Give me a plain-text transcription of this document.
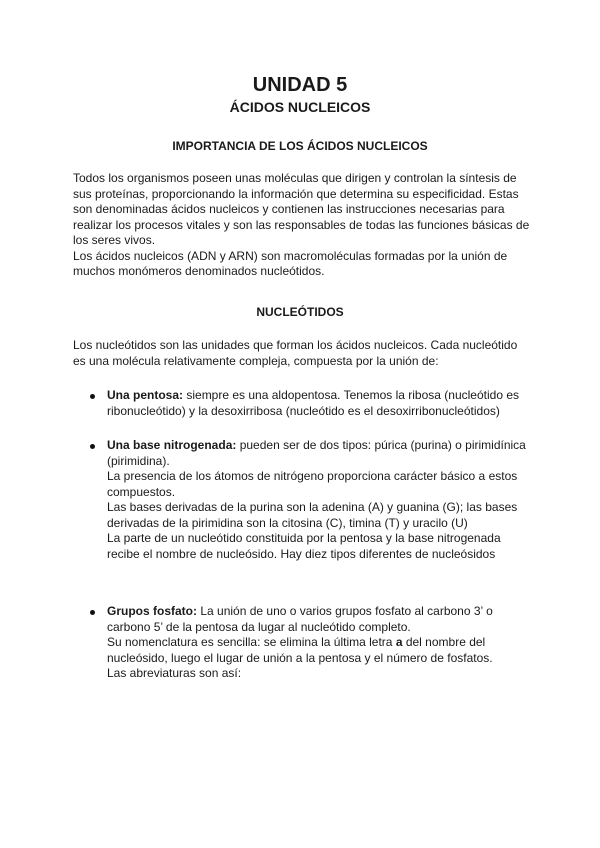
UNIDAD 5
ÁCIDOS NUCLEICOS
IMPORTANCIA DE LOS ÁCIDOS NUCLEICOS

Todos los organismos poseen unas moléculas que dirigen y controlan la síntesis de sus proteínas, proporcionando la información que determina su especificidad. Estas son denominadas ácidos nucleicos y contienen las instrucciones necesarias para realizar los procesos vitales y son las responsables de todas las funciones básicas de los seres vivos.

Los ácidos nucleicos (ADN y ARN) son macromoléculas formadas por la unión de muchos monómeros denominados nucleótidos.

NUCLEÓTIDOS
Los nucleótidos son las unidades que forman los ácidos nucleicos. Cada nucleótido es una molécula relativamente compleja, compuesta por la unión de:

Una pentosa: siempre es una aldopentosa. Tenemos la ribosa (nucleótido es ribonucleótido) y la desoxirribosa (nucleótido es el desoxirribonucleótidos)

Una base nitrogenada: pueden ser de dos tipos: púrica (purina) o pirimidínica (pirimidina).

La presencia de los átomos de nitrógeno proporciona carácter básico a estos compuestos.

Las bases derivadas de la purina son la adenina (A) y guanina (G); las bases derivadas de la pirimidina son la citosina (C), timina (T) y uracilo (U)

La parte de un nucleótido constituida por la pentosa y la base nitrogenada recibe el nombre de nucleósido. Hay diez tipos diferentes de nucleósidos

Grupos fosfato: La unión de uno o varios grupos fosfato al carbono 3’ o carbono 5’ de la pentosa da lugar al nucleótido completo.

Su nomenclatura es sencilla: se elimina la última letra a del nombre del nucleósido, luego el lugar de unión a la pentosa y el número de fosfatos.

Las abreviaturas son así:
